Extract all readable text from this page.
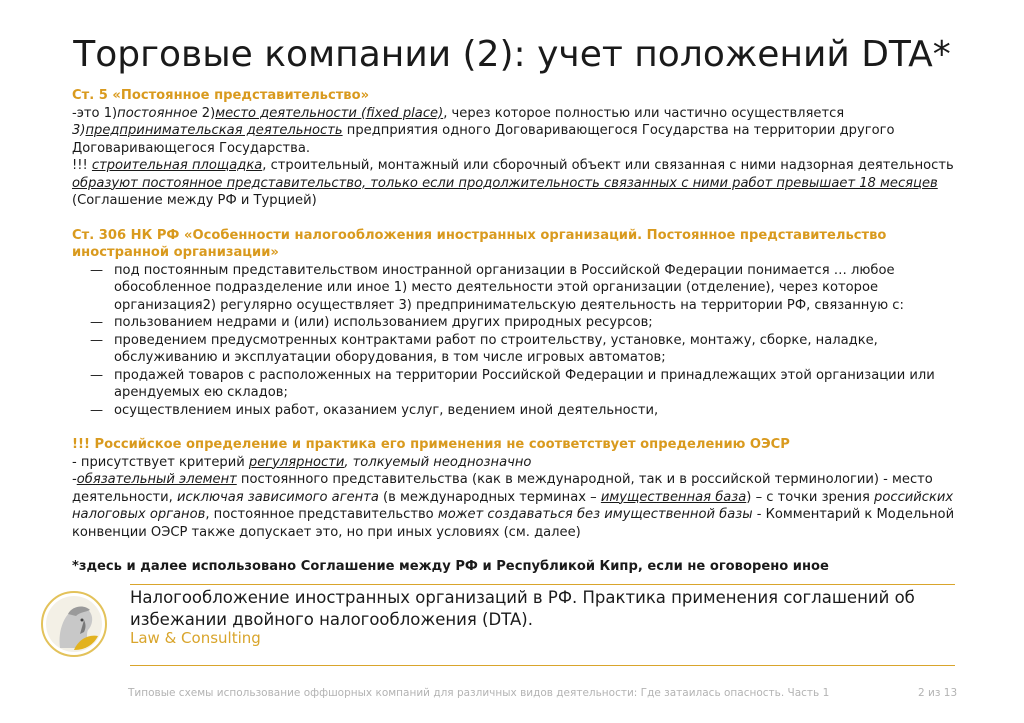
Торговые компании (2): учет положений DTA*
Ст. 5 «Постоянное представительство»
-это 1)постоянное 2)место деятельности (fixed place), через которое полностью или частично осуществляется
3)предпринимательская деятельность предприятия одного Договаривающегося Государства на территории другого Договаривающегося Государства.
!!! строительная площадка, строительный, монтажный или сборочный объект или связанная с ними надзорная деятельность
образуют постоянное представительство, только если продолжительность связанных с ними работ превышает 18 месяцев
(Соглашение между РФ и Турцией)
Ст. 306 НК РФ «Особенности налогообложения иностранных организаций. Постоянное представительство иностранной организации»
— под постоянным представительством иностранной организации в Российской Федерации понимается … любое обособленное подразделение или иное 1) место деятельности этой организации (отделение), через которое организация2) регулярно осуществляет 3) предпринимательскую деятельность на территории РФ, связанную с:
— пользованием недрами и (или) использованием других природных ресурсов;
— проведением предусмотренных контрактами работ по строительству, установке, монтажу, сборке, наладке, обслуживанию и эксплуатации оборудования, в том числе игровых автоматов;
— продажей товаров с расположенных на территории Российской Федерации и принадлежащих этой организации или арендуемых ею складов;
— осуществлением иных работ, оказанием услуг, ведением иной деятельности,
!!! Российское определение и практика его применения не соответствует определению ОЭСР
- присутствует критерий регулярности, толкуемый неоднозначно
-обязательный элемент постоянного представительства (как в международной, так и в российской терминологии) - место деятельности, исключая зависимого агента (в международных терминах – имущественная база) – с точки зрения российских налоговых органов, постоянное представительство может создаваться без имущественной базы - Комментарий к Модельной конвенции ОЭСР также допускает это, но при иных условиях (см. далее)
*здесь и далее использовано Соглашение между РФ и Республикой Кипр, если не оговорено иное
Налогообложение иностранных организаций в РФ. Практика применения соглашений об избежании двойного налогообложения (DTA).
Law & Consulting
Типовые схемы использование оффшорных компаний для различных видов деятельности: Где затаилась опасность. Часть 1	2 из 13
